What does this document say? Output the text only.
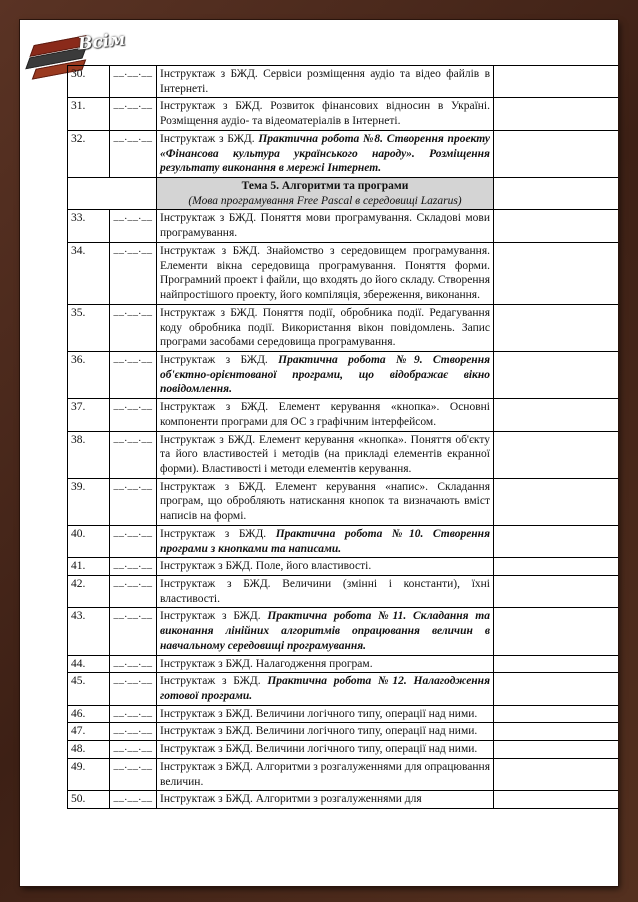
Всім
30.	__.__.__	Інструктаж з БЖД. Сервіси розміщення аудіо та відео файлів в Інтернеті.	
31.	__.__.__	Інструктаж з БЖД. Розвиток фінансових відносин в Україні. Розміщення аудіо- та відеоматеріалів в Інтернеті.	
32.	__.__.__	Інструктаж з БЖД. Практична робота №8. Створення проекту «Фінансова культура українського народу». Розміщення результату виконання в мережі Інтернет.	

		Тема 5. Алгоритми та програми
(Мова програмування Free Pascal в середовищі Lazarus)	

33.	__.__.__	Інструктаж з БЖД. Поняття мови програмування. Складові мови програмування.	
34.	__.__.__	Інструктаж з БЖД. Знайомство з середовищем програмування. Елементи вікна середовища програмування. Поняття форми. Програмний проект і файли, що входять до його складу. Створення найпростішого проекту, його компіляція, збереження, виконання.	
35.	__.__.__	Інструктаж з БЖД. Поняття події, обробника події. Редагування коду обробника події. Використання вікон повідомлень. Запис програми засобами середовища програмування.	
36.	__.__.__	Інструктаж з БЖД. Практична робота №9. Створення об'єктно-орієнтованої програми, що відображає вікно повідомлення.	
37.	__.__.__	Інструктаж з БЖД. Елемент керування «кнопка». Основні компоненти програми для ОС з графічним інтерфейсом.	
38.	__.__.__	Інструктаж з БЖД. Елемент керування «кнопка». Поняття об'єкту та його властивостей і методів (на прикладі елементів екранної форми). Властивості і методи елементів керування.	
39.	__.__.__	Інструктаж з БЖД. Елемент керування «напис». Складання програм, що обробляють натискання кнопок та визначають вміст написів на формі.	
40.	__.__.__	Інструктаж з БЖД. Практична робота №10. Створення програми з кнопками та написами.	
41.	__.__.__	Інструктаж з БЖД. Поле, його властивості.	
42.	__.__.__	Інструктаж з БЖД. Величини (змінні і константи), їхні властивості.	
43.	__.__.__	Інструктаж з БЖД. Практична робота №11. Складання та виконання лінійних алгоритмів опрацювання величин в навчальному середовищі програмування.	
44.	__.__.__	Інструктаж з БЖД. Налагодження програм.	
45.	__.__.__	Інструктаж з БЖД. Практична робота №12. Налагодження готової програми.	
46.	__.__.__	Інструктаж з БЖД. Величини логічного типу, операції над ними.	
47.	__.__.__	Інструктаж з БЖД. Величини логічного типу, операції над ними.	
48.	__.__.__	Інструктаж з БЖД. Величини логічного типу, операції над ними.	
49.	__.__.__	Інструктаж з БЖД. Алгоритми з розгалуженнями для опрацювання величин.	
50.	__.__.__	Інструктаж з БЖД. Алгоритми з розгалуженнями для	
